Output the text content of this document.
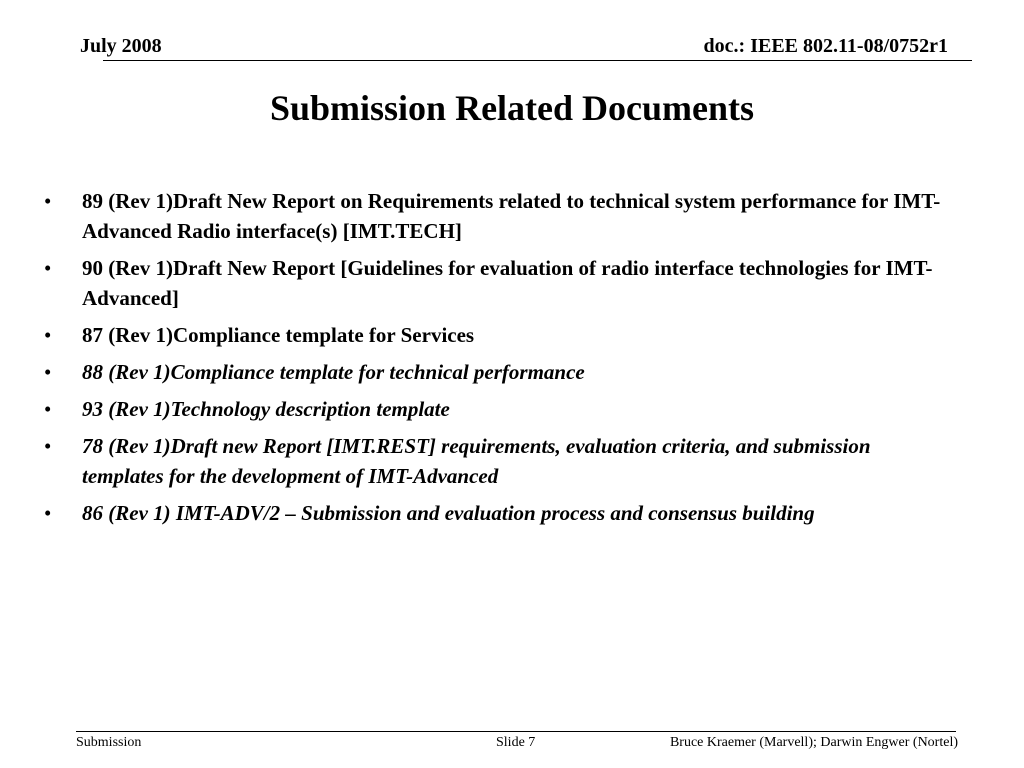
July 2008	doc.: IEEE 802.11-08/0752r1
Submission Related Documents
• 89 (Rev 1)Draft New Report on Requirements related to technical system performance for IMT-Advanced Radio interface(s) [IMT.TECH]
• 90 (Rev 1)Draft New Report [Guidelines for evaluation of radio interface technologies for IMT-Advanced]
• 87 (Rev 1)Compliance template for Services
• 88 (Rev 1)Compliance template for technical performance
• 93 (Rev 1)Technology description template
• 78 (Rev 1)Draft new Report [IMT.REST] requirements, evaluation criteria, and submission templates for the development of IMT-Advanced
• 86 (Rev 1) IMT-ADV/2 – Submission and evaluation process and consensus building
Submission	Slide 7	Bruce Kraemer (Marvell); Darwin Engwer (Nortel)
